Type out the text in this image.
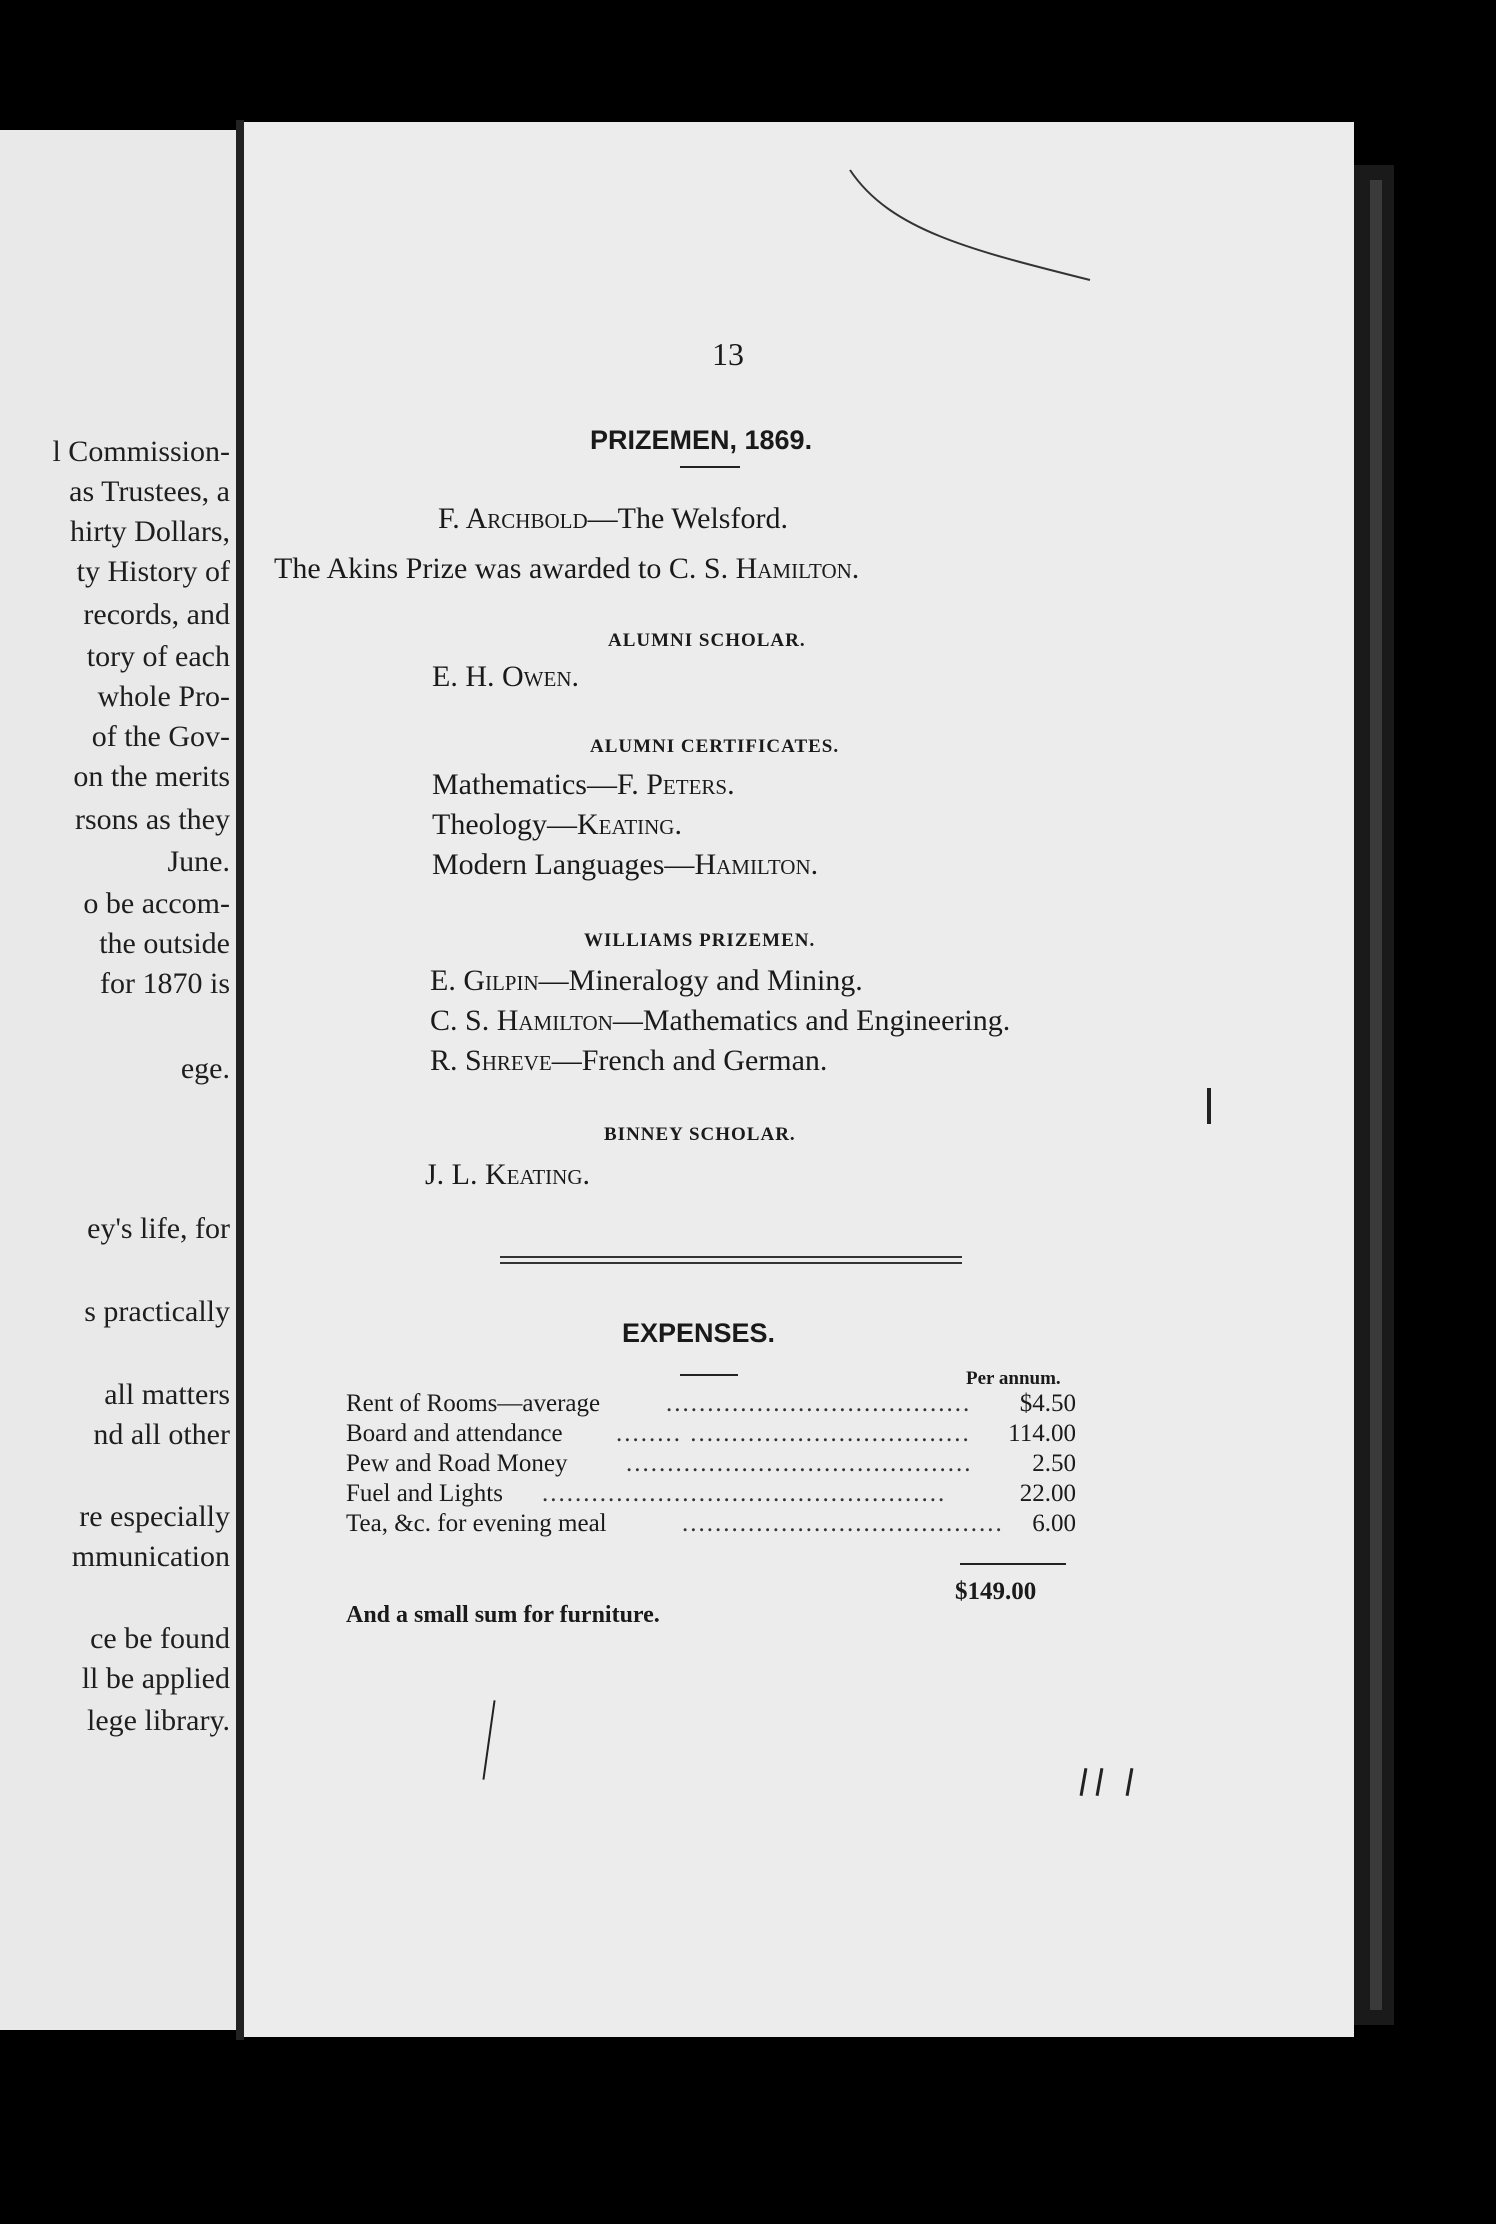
l Commission-
as Trustees, a
hirty Dollars,
ty History of
records, and
tory of each
whole Pro-
of the Gov-
on the merits
rsons as they
June.
o be accom-
the outside
for 1870 is
ege.
ey's life, for
s practically
all matters
nd all other
re especially
mmunication
ce be found
ll be applied
lege library.
13
PRIZEMEN, 1869.
F. Archbold—The Welsford.
The Akins Prize was awarded to C. S. Hamilton.
ALUMNI SCHOLAR.
E. H. Owen.
ALUMNI CERTIFICATES.
Mathematics—F. Peters.
Theology—Keating.
Modern Languages—Hamilton.
WILLIAMS PRIZEMEN.
E. Gilpin—Mineralogy and Mining.
C. S. Hamilton—Mathematics and Engineering.
R. Shreve—French and German.
BINNEY SCHOLAR.
J. L. Keating.
EXPENSES.
Per annum.
Rent of Rooms—average	.....................................	$4.50
Board and attendance ........ ..................................	114.00
Pew and Road Money ..........................................	2.50
Fuel and Lights .................................................	22.00
Tea, &c. for evening meal	.......................................	6.00
$149.00
And a small sum for furniture.
